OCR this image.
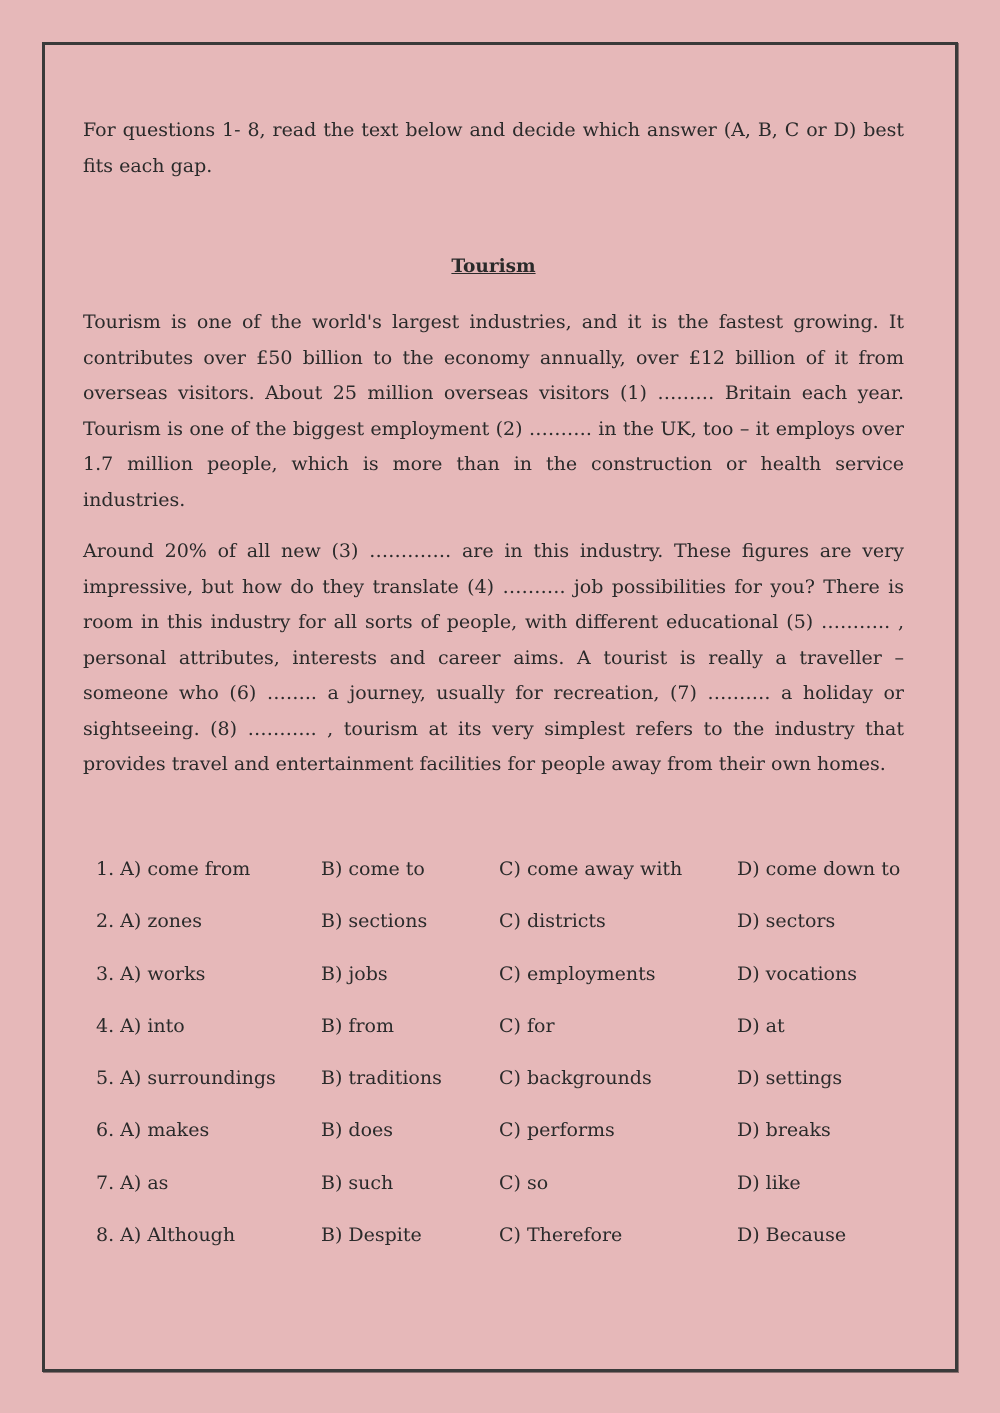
For questions 1- 8, read the text below and decide which answer (A, B, C or D) best fits each gap.

Tourism

Tourism is one of the world's largest industries, and it is the fastest growing. It contributes over £50 billion to the economy annually, over £12 billion of it from overseas visitors. About 25 million overseas visitors (1) ……… Britain each year. Tourism is one of the biggest employment (2) ………. in the UK, too – it employs over 1.7 million people, which is more than in the construction or health service industries.

Around 20% of all new (3) …………. are in this industry. These figures are very impressive, but how do they translate (4) ………. job possibilities for you? There is room in this industry for all sorts of people, with different educational (5) ……….. , personal attributes, interests and career aims. A tourist is really a traveller – someone who (6) …….. a journey, usually for recreation, (7) ………. a holiday or sightseeing. (8) ……….. , tourism at its very simplest refers to the industry that provides travel and entertainment facilities for people away from their own homes.

1. A) come from	B) come to	C) come away with	D) come down to
2. A) zones	B) sections	C) districts	D) sectors
3. A) works	B) jobs	C) employments	D) vocations
4. A) into	B) from	C) for	D) at
5. A) surroundings B) traditions	C) backgrounds	D) settings
6. A) makes	B) does	C) performs	D) breaks
7. A) as	B) such	C) so	D) like
8. A) Although	B) Despite	C) Therefore	D) Because
